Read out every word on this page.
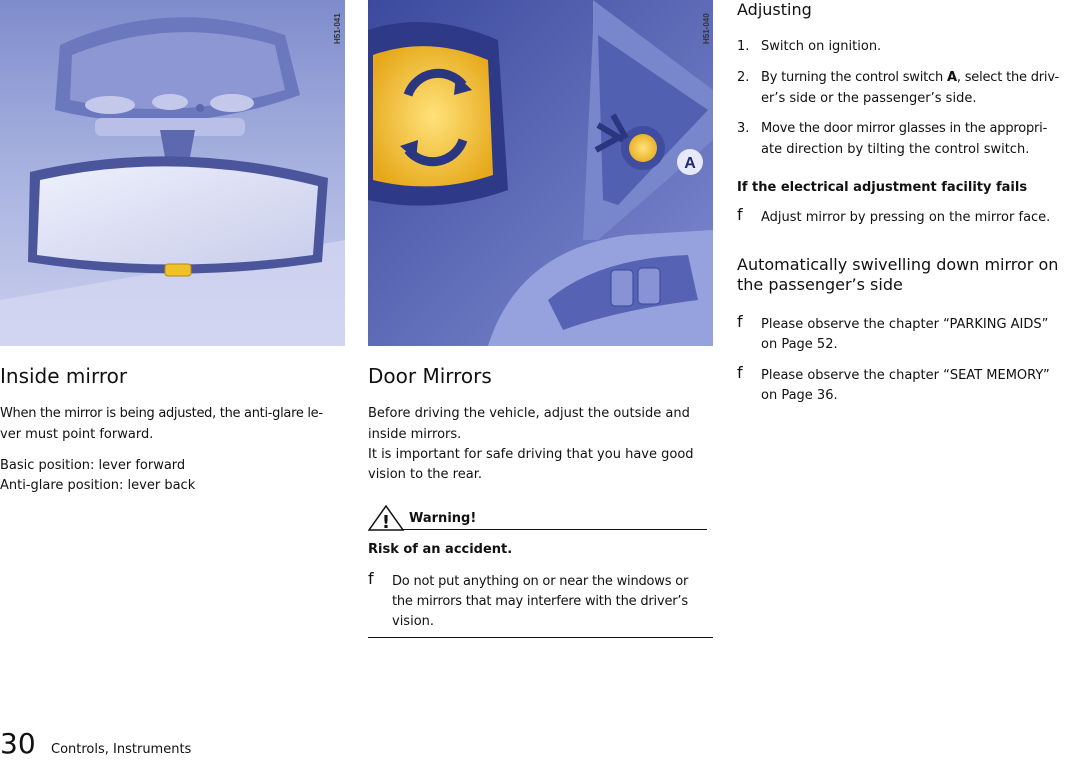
H51-041
A
H51-040
Inside mirror

When the mirror is being adjusted, the anti-glare le-

ver must point forward.

Basic position: lever forward

Anti-glare position: lever back

Door Mirrors

Before driving the vehicle, adjust the outside and

inside mirrors.

It is important for safe driving that you have good

vision to the rear.

! Warning!

Risk of an accident.

f Do not put anything on or near the windows or

the mirrors that may interfere with the driver’s

vision.

Adjusting
1. Switch on ignition.
2. By turning the control switch A, select the driv-
er’s side or the passenger’s side.
3. Move the door mirror glasses in the appropri-
ate direction by tilting the control switch.

If the electrical adjustment facility fails

f Adjust mirror by pressing on the mirror face.

Automatically swivelling down mirror on
the passenger’s side
f Please observe the chapter “PARKING AIDS”

on Page 52.

f Please observe the chapter “SEAT MEMORY”

on Page 36.

30 Controls, Instruments
